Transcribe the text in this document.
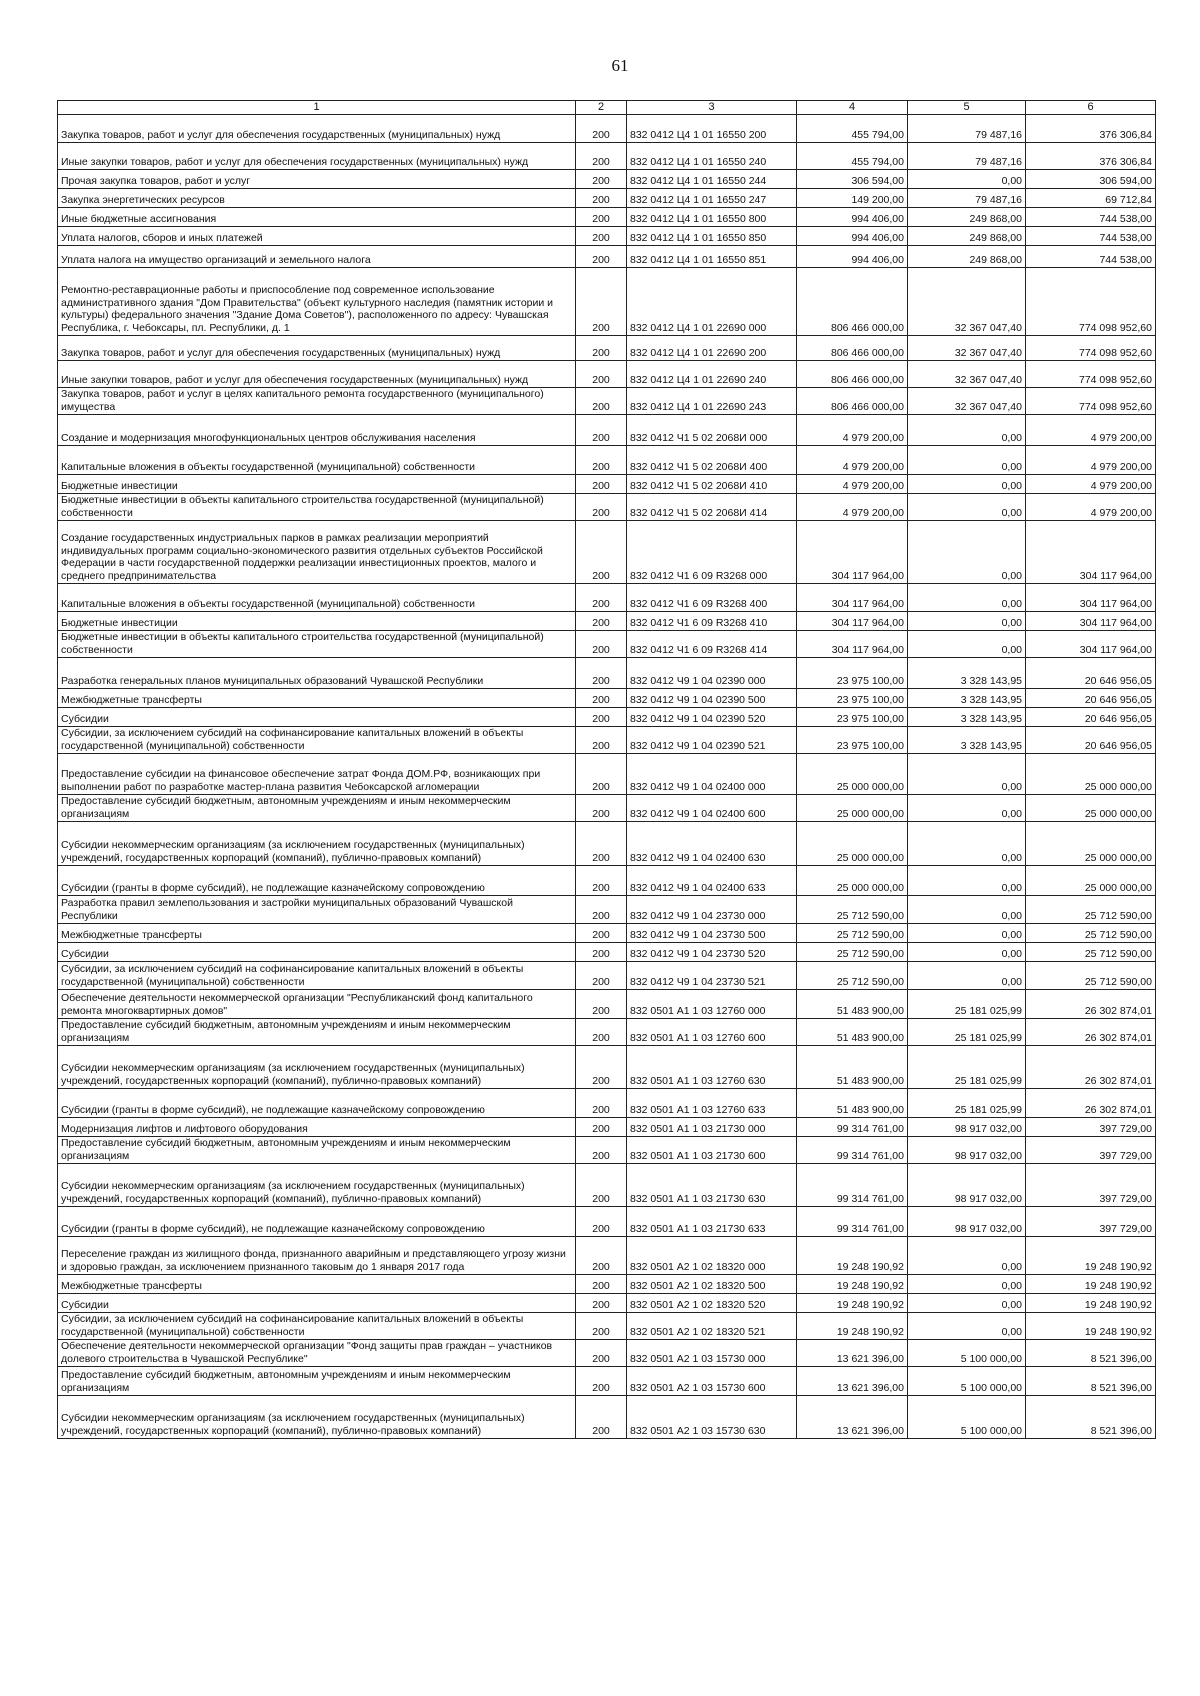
61
1	2	3	4	5	6
Закупка товаров, работ и услуг для обеспечения государственных (муниципальных) нужд	200	832 0412 Ц4 1 01 16550 200	455 794,00	79 487,16	376 306,84
Иные закупки товаров, работ и услуг для обеспечения государственных (муниципальных) нужд	200	832 0412 Ц4 1 01 16550 240	455 794,00	79 487,16	376 306,84
Прочая закупка товаров, работ и услуг	200	832 0412 Ц4 1 01 16550 244	306 594,00	0,00	306 594,00
Закупка энергетических ресурсов	200	832 0412 Ц4 1 01 16550 247	149 200,00	79 487,16	69 712,84
Иные бюджетные ассигнования	200	832 0412 Ц4 1 01 16550 800	994 406,00	249 868,00	744 538,00
Уплата налогов, сборов и иных платежей	200	832 0412 Ц4 1 01 16550 850	994 406,00	249 868,00	744 538,00
Уплата налога на имущество организаций и земельного налога	200	832 0412 Ц4 1 01 16550 851	994 406,00	249 868,00	744 538,00
Ремонтно-реставрационные работы и приспособление под современное использование административного здания "Дом Правительства" (объект культурного наследия (памятник истории и культуры) федерального значения "Здание Дома Советов"), расположенного по адресу: Чувашская Республика, г. Чебоксары, пл. Республики, д. 1	200	832 0412 Ц4 1 01 22690 000	806 466 000,00	32 367 047,40	774 098 952,60
Закупка товаров, работ и услуг для обеспечения государственных (муниципальных) нужд	200	832 0412 Ц4 1 01 22690 200	806 466 000,00	32 367 047,40	774 098 952,60
Иные закупки товаров, работ и услуг для обеспечения государственных (муниципальных) нужд	200	832 0412 Ц4 1 01 22690 240	806 466 000,00	32 367 047,40	774 098 952,60
Закупка товаров, работ и услуг в целях капитального ремонта государственного (муниципального) имущества	200	832 0412 Ц4 1 01 22690 243	806 466 000,00	32 367 047,40	774 098 952,60
Создание и модернизация многофункциональных центров обслуживания населения	200	832 0412 Ч1 5 02 2068И 000	4 979 200,00	0,00	4 979 200,00
Капитальные вложения в объекты государственной (муниципальной) собственности	200	832 0412 Ч1 5 02 2068И 400	4 979 200,00	0,00	4 979 200,00
Бюджетные инвестиции	200	832 0412 Ч1 5 02 2068И 410	4 979 200,00	0,00	4 979 200,00
Бюджетные инвестиции в объекты капитального строительства государственной (муниципальной) собственности	200	832 0412 Ч1 5 02 2068И 414	4 979 200,00	0,00	4 979 200,00
Создание государственных индустриальных парков в рамках реализации мероприятий индивидуальных программ социально-экономического развития отдельных субъектов Российской Федерации в части государственной поддержки реализации инвестиционных проектов, малого и среднего предпринимательства	200	832 0412 Ч1 6 09 R3268 000	304 117 964,00	0,00	304 117 964,00
Капитальные вложения в объекты государственной (муниципальной) собственности	200	832 0412 Ч1 6 09 R3268 400	304 117 964,00	0,00	304 117 964,00
Бюджетные инвестиции	200	832 0412 Ч1 6 09 R3268 410	304 117 964,00	0,00	304 117 964,00
Бюджетные инвестиции в объекты капитального строительства государственной (муниципальной) собственности	200	832 0412 Ч1 6 09 R3268 414	304 117 964,00	0,00	304 117 964,00
Разработка генеральных планов муниципальных образований Чувашской Республики	200	832 0412 Ч9 1 04 02390 000	23 975 100,00	3 328 143,95	20 646 956,05
Межбюджетные трансферты	200	832 0412 Ч9 1 04 02390 500	23 975 100,00	3 328 143,95	20 646 956,05
Субсидии	200	832 0412 Ч9 1 04 02390 520	23 975 100,00	3 328 143,95	20 646 956,05
Субсидии, за исключением субсидий на софинансирование капитальных вложений в объекты государственной (муниципальной) собственности	200	832 0412 Ч9 1 04 02390 521	23 975 100,00	3 328 143,95	20 646 956,05
Предоставление субсидии на финансовое обеспечение затрат Фонда ДОМ.РФ, возникающих при выполнении работ по разработке мастер-плана развития Чебоксарской агломерации	200	832 0412 Ч9 1 04 02400 000	25 000 000,00	0,00	25 000 000,00
Предоставление субсидий бюджетным, автономным учреждениям и иным некоммерческим организациям	200	832 0412 Ч9 1 04 02400 600	25 000 000,00	0,00	25 000 000,00
Субсидии некоммерческим организациям (за исключением государственных (муниципальных) учреждений, государственных корпораций (компаний), публично-правовых компаний)	200	832 0412 Ч9 1 04 02400 630	25 000 000,00	0,00	25 000 000,00
Субсидии (гранты в форме субсидий), не подлежащие казначейскому сопровождению	200	832 0412 Ч9 1 04 02400 633	25 000 000,00	0,00	25 000 000,00
Разработка правил землепользования и застройки муниципальных образований Чувашской Республики	200	832 0412 Ч9 1 04 23730 000	25 712 590,00	0,00	25 712 590,00
Межбюджетные трансферты	200	832 0412 Ч9 1 04 23730 500	25 712 590,00	0,00	25 712 590,00
Субсидии	200	832 0412 Ч9 1 04 23730 520	25 712 590,00	0,00	25 712 590,00
Субсидии, за исключением субсидий на софинансирование капитальных вложений в объекты государственной (муниципальной) собственности	200	832 0412 Ч9 1 04 23730 521	25 712 590,00	0,00	25 712 590,00
Обеспечение деятельности некоммерческой организации "Республиканский фонд капитального ремонта многоквартирных домов"	200	832 0501 А1 1 03 12760 000	51 483 900,00	25 181 025,99	26 302 874,01
Предоставление субсидий бюджетным, автономным учреждениям и иным некоммерческим организациям	200	832 0501 А1 1 03 12760 600	51 483 900,00	25 181 025,99	26 302 874,01
Субсидии некоммерческим организациям (за исключением государственных (муниципальных) учреждений, государственных корпораций (компаний), публично-правовых компаний)	200	832 0501 А1 1 03 12760 630	51 483 900,00	25 181 025,99	26 302 874,01
Субсидии (гранты в форме субсидий), не подлежащие казначейскому сопровождению	200	832 0501 А1 1 03 12760 633	51 483 900,00	25 181 025,99	26 302 874,01
Модернизация лифтов и лифтового оборудования	200	832 0501 А1 1 03 21730 000	99 314 761,00	98 917 032,00	397 729,00
Предоставление субсидий бюджетным, автономным учреждениям и иным некоммерческим организациям	200	832 0501 А1 1 03 21730 600	99 314 761,00	98 917 032,00	397 729,00
Субсидии некоммерческим организациям (за исключением государственных (муниципальных) учреждений, государственных корпораций (компаний), публично-правовых компаний)	200	832 0501 А1 1 03 21730 630	99 314 761,00	98 917 032,00	397 729,00
Субсидии (гранты в форме субсидий), не подлежащие казначейскому сопровождению	200	832 0501 А1 1 03 21730 633	99 314 761,00	98 917 032,00	397 729,00
Переселение граждан из жилищного фонда, признанного аварийным и представляющего угрозу жизни и здоровью граждан, за исключением признанного таковым до 1 января 2017 года	200	832 0501 А2 1 02 18320 000	19 248 190,92	0,00	19 248 190,92
Межбюджетные трансферты	200	832 0501 А2 1 02 18320 500	19 248 190,92	0,00	19 248 190,92
Субсидии	200	832 0501 А2 1 02 18320 520	19 248 190,92	0,00	19 248 190,92
Субсидии, за исключением субсидий на софинансирование капитальных вложений в объекты государственной (муниципальной) собственности	200	832 0501 А2 1 02 18320 521	19 248 190,92	0,00	19 248 190,92
Обеспечение деятельности некоммерческой организации "Фонд защиты прав граждан – участников долевого строительства в Чувашской Республике"	200	832 0501 А2 1 03 15730 000	13 621 396,00	5 100 000,00	8 521 396,00
Предоставление субсидий бюджетным, автономным учреждениям и иным некоммерческим организациям	200	832 0501 А2 1 03 15730 600	13 621 396,00	5 100 000,00	8 521 396,00
Субсидии некоммерческим организациям (за исключением государственных (муниципальных) учреждений, государственных корпораций (компаний), публично-правовых компаний)	200	832 0501 А2 1 03 15730 630	13 621 396,00	5 100 000,00	8 521 396,00
